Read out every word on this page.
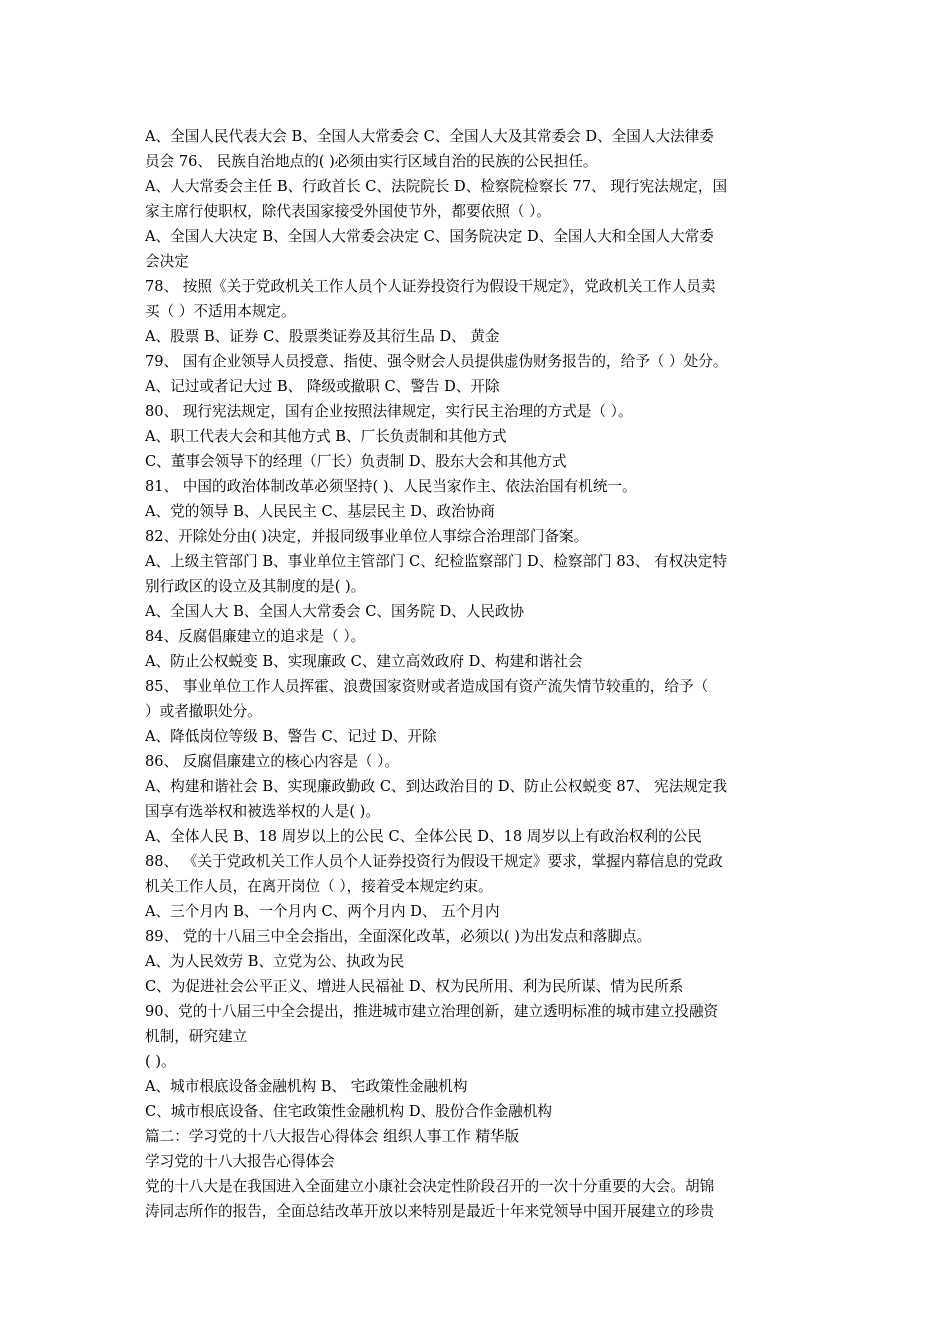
A、全国人民代表大会 B、全国人大常委会 C、全国人大及其常委会 D、全国人大法律委
员会 76、 民族自治地点的( )必须由实行区域自治的民族的公民担任。
A、人大常委会主任 B、行政首长 C、法院院长 D、检察院检察长 77、 现行宪法规定，国
家主席行使职权，除代表国家接受外国使节外，都要依照（ ）。
A、全国人大决定 B、全国人大常委会决定 C、国务院决定 D、全国人大和全国人大常委
会决定
78、 按照《关于党政机关工作人员个人证券投资行为假设干规定》，党政机关工作人员卖
买（ ）不适用本规定。
A、股票 B、证券 C、股票类证券及其衍生品 D、 黄金
79、 国有企业领导人员授意、指使、强令财会人员提供虚伪财务报告的，给予（ ）处分。
A、记过或者记大过 B、 降级或撤职 C、警告 D、开除
80、 现行宪法规定，国有企业按照法律规定，实行民主治理的方式是（ ）。
A、职工代表大会和其他方式 B、厂长负责制和其他方式
C、董事会领导下的经理（厂长）负责制 D、股东大会和其他方式
81、 中国的政治体制改革必须坚持( )、人民当家作主、依法治国有机统一。
A、党的领导 B、人民民主 C、基层民主 D、政治协商
82、开除处分由( )决定，并报同级事业单位人事综合治理部门备案。
A、上级主管部门 B、事业单位主管部门 C、纪检监察部门 D、检察部门 83、 有权决定特
别行政区的设立及其制度的是( )。
A、全国人大 B、全国人大常委会 C、国务院 D、人民政协
84、反腐倡廉建立的追求是（ ）。
A、防止公权蜕变 B、实现廉政 C、建立高效政府 D、构建和谐社会
85、 事业单位工作人员挥霍、浪费国家资财或者造成国有资产流失情节较重的，给予（
）或者撤职处分。
A、降低岗位等级 B、警告 C、记过 D、开除
86、 反腐倡廉建立的核心内容是（ ）。
A、构建和谐社会 B、实现廉政勤政 C、到达政治目的 D、防止公权蜕变 87、 宪法规定我
国享有选举权和被选举权的人是( )。
A、全体人民 B、18 周岁以上的公民 C、全体公民 D、18 周岁以上有政治权利的公民
88、 《关于党政机关工作人员个人证券投资行为假设干规定》要求，掌握内幕信息的党政
机关工作人员，在离开岗位（ ），接着受本规定约束。
A、三个月内 B、一个月内 C、两个月内 D、 五个月内
89、 党的十八届三中全会指出，全面深化改革，必须以( )为出发点和落脚点。
A、为人民效劳 B、立党为公、执政为民
C、为促进社会公平正义、增进人民福祉 D、权为民所用、利为民所谋、情为民所系
90、党的十八届三中全会提出，推进城市建立治理创新，建立透明标准的城市建立投融资
机制，研究建立
( )。
A、城市根底设备金融机构 B、 宅政策性金融机构
C、城市根底设备、住宅政策性金融机构 D、股份合作金融机构
篇二：学习党的十八大报告心得体会 组织人事工作 精华版
学习党的十八大报告心得体会
党的十八大是在我国进入全面建立小康社会决定性阶段召开的一次十分重要的大会。胡锦
涛同志所作的报告，全面总结改革开放以来特别是最近十年来党领导中国开展建立的珍贵
